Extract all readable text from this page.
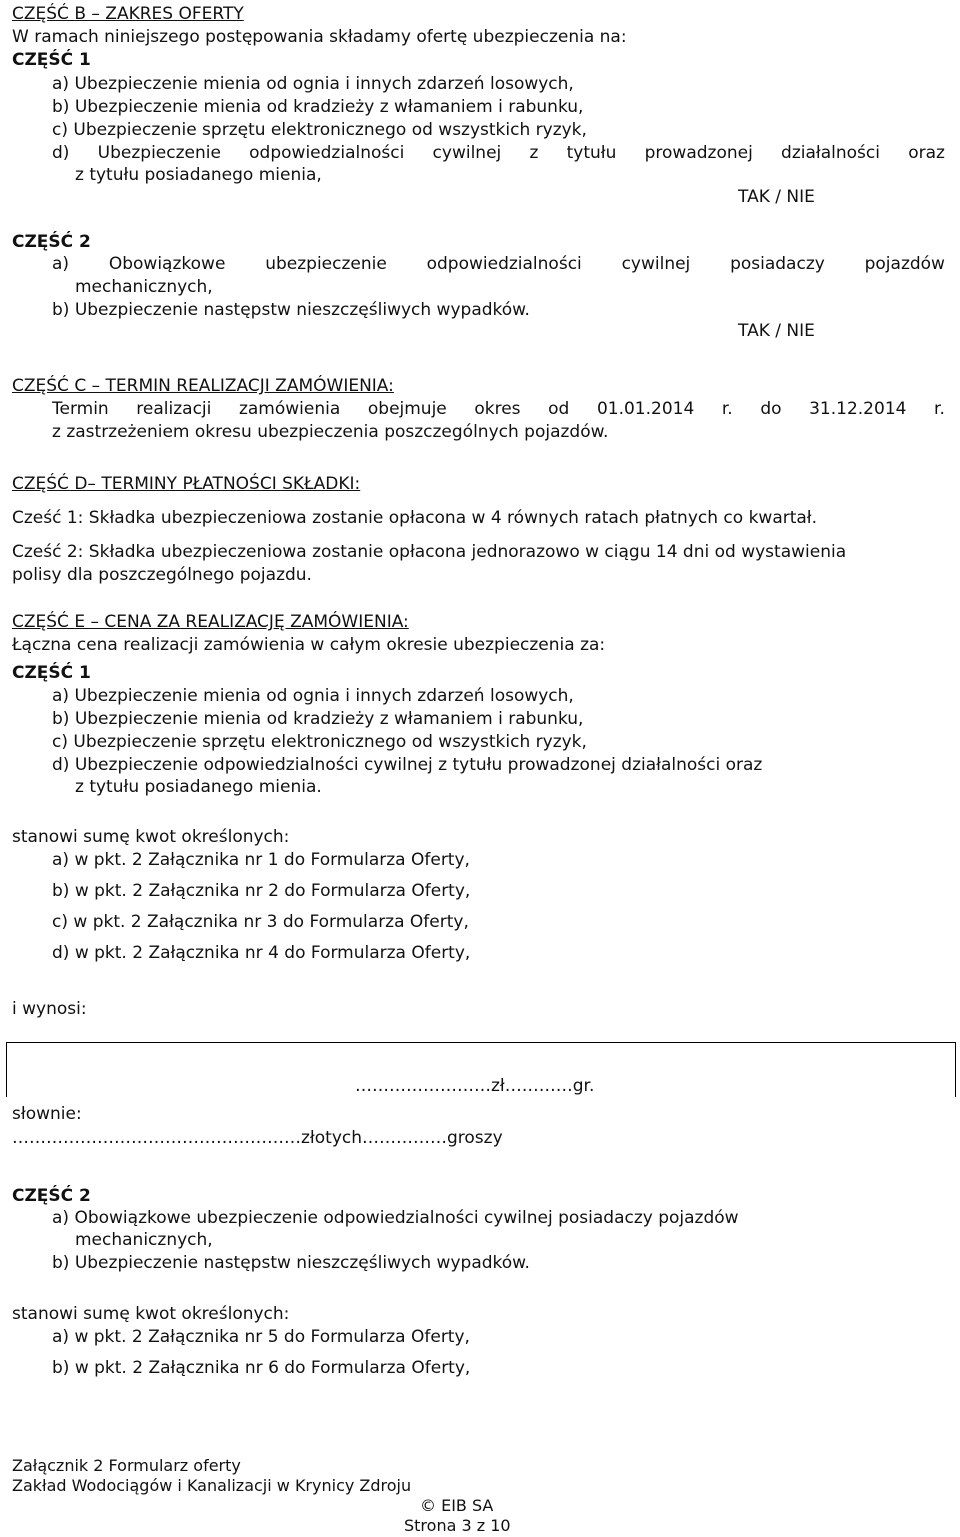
CZĘŚĆ B – ZAKRES OFERTY
W ramach niniejszego postępowania składamy ofertę ubezpieczenia na:
CZĘŚĆ 1
a) Ubezpieczenie mienia od ognia i innych zdarzeń losowych,
b) Ubezpieczenie mienia od kradzieży z włamaniem i rabunku,
c) Ubezpieczenie sprzętu elektronicznego od wszystkich ryzyk,
d) Ubezpieczenie odpowiedzialności cywilnej z tytułu prowadzonej działalności oraz
z tytułu posiadanego mienia,
TAK / NIE
CZĘŚĆ 2
a) Obowiązkowe ubezpieczenie odpowiedzialności cywilnej posiadaczy pojazdów
mechanicznych,
b) Ubezpieczenie następstw nieszczęśliwych wypadków.
TAK / NIE
CZĘŚĆ C – TERMIN REALIZACJI ZAMÓWIENIA:
Termin realizacji zamówienia obejmuje okres od 01.01.2014 r. do 31.12.2014 r.
z zastrzeżeniem okresu ubezpieczenia poszczególnych pojazdów.
CZĘŚĆ D– TERMINY PŁATNOŚCI SKŁADKI:
Cześć 1: Składka ubezpieczeniowa zostanie opłacona w 4 równych ratach płatnych co kwartał.
Cześć 2: Składka ubezpieczeniowa zostanie opłacona jednorazowo w ciągu 14 dni od wystawienia
polisy dla poszczególnego pojazdu.
CZĘŚĆ E – CENA ZA REALIZACJĘ ZAMÓWIENIA:
Łączna cena realizacji zamówienia w całym okresie ubezpieczenia za:
CZĘŚĆ 1
a) Ubezpieczenie mienia od ognia i innych zdarzeń losowych,
b) Ubezpieczenie mienia od kradzieży z włamaniem i rabunku,
c) Ubezpieczenie sprzętu elektronicznego od wszystkich ryzyk,
d) Ubezpieczenie odpowiedzialności cywilnej z tytułu prowadzonej działalności oraz
z tytułu posiadanego mienia.
stanowi sumę kwot określonych:
a) w pkt. 2 Załącznika nr 1 do Formularza Oferty,
b) w pkt. 2 Załącznika nr 2 do Formularza Oferty,
c) w pkt. 2 Załącznika nr 3 do Formularza Oferty,
d) w pkt. 2 Załącznika nr 4 do Formularza Oferty,
i wynosi:
……………………zł…………gr.
słownie:
……………………………………………złotych……………groszy
CZĘŚĆ 2
a) Obowiązkowe ubezpieczenie odpowiedzialności cywilnej posiadaczy pojazdów
mechanicznych,
b) Ubezpieczenie następstw nieszczęśliwych wypadków.
stanowi sumę kwot określonych:
a) w pkt. 2 Załącznika nr 5 do Formularza Oferty,
b) w pkt. 2 Załącznika nr 6 do Formularza Oferty,
Załącznik 2 Formularz oferty
Zakład Wodociągów i Kanalizacji w Krynicy Zdroju
© EIB SA
Strona 3 z 10
